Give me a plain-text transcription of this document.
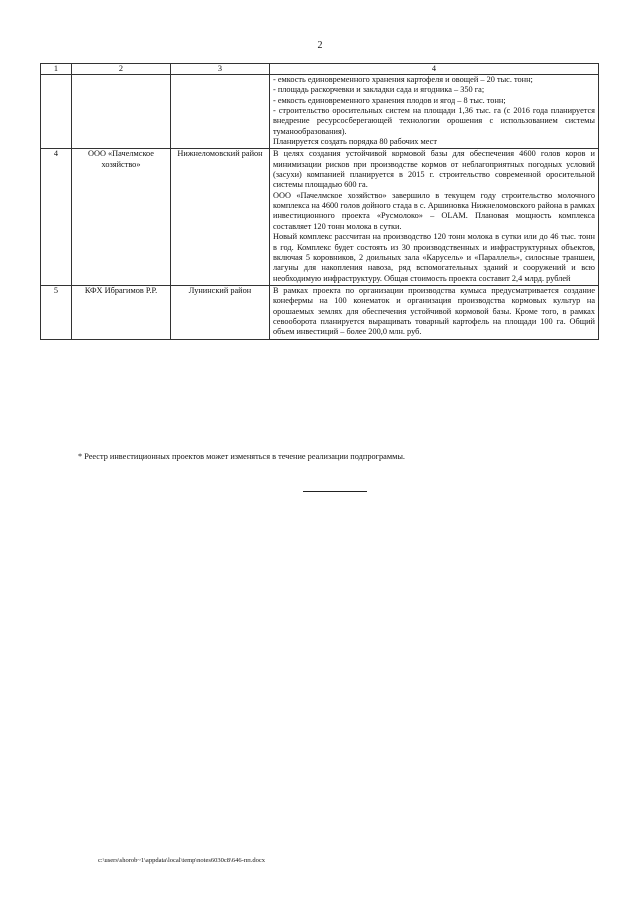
2
1	2	3	4

			- емкость единовременного хранения картофеля и овощей – 20 тыс. тонн;

- площадь раскорчевки и закладки сада и ягодника – 350 га;

- емкость единовременного хранения плодов и ягод – 8 тыс. тонн;

- строительство оросительных систем на площади 1,36 тыс. га (с 2016 года планируется внедрение ресурсосберегающей технологии орошения с использованием системы туманообразования).

Планируется создать порядка 80 рабочих мест

4	ООО «Пачелмское хозяйство»	Нижнеломовский район	В целях создания устойчивой кормовой базы для обеспечения 4600 голов коров и минимизации рисков при производстве кормов от неблагоприятных погодных условий (засухи) компанией планируется в 2015 г. строительство современной оросительной системы площадью 600 га.

ООО «Пачелмское хозяйство» завершило в текущем году строительство молочного комплекса на 4600 голов дойного стада в с. Аршиновка Нижнеломовского района в рамках инвестиционного проекта «Русмолоко» – OLAM. Плановая мощность комплекса составляет 120 тонн молока в сутки.

Новый комплекс рассчитан на производство 120 тонн молока в сутки или до 46 тыс. тонн в год. Комплекс будет состоять из 30 производственных и инфраструктурных объектов, включая 5 коровников, 2 доильных зала «Карусель» и «Параллель», силосные траншеи, лагуны для накопления навоза, ряд вспомогательных зданий и сооружений и всю необходимую инфраструктуру. Общая стоимость проекта составит 2,4 млрд. рублей

5	КФХ Ибрагимов Р.Р.	Лунинский район	В рамках проекта по организации производства кумыса предусматривается создание конефермы на 100 конематок и организация производства кормовых культур на орошаемых землях для обеспечения устойчивой кормовой базы. Кроме того, в рамках севооборота планируется выращивать товарный картофель на площади 100 га. Общий объем инвестиций – более 200,0 млн. руб.

* Реестр инвестиционных проектов может изменяться в течение реализации подпрограммы.
c:\users\shorob~1\appdata\local\temp\notes6030c8\646-пп.docx
